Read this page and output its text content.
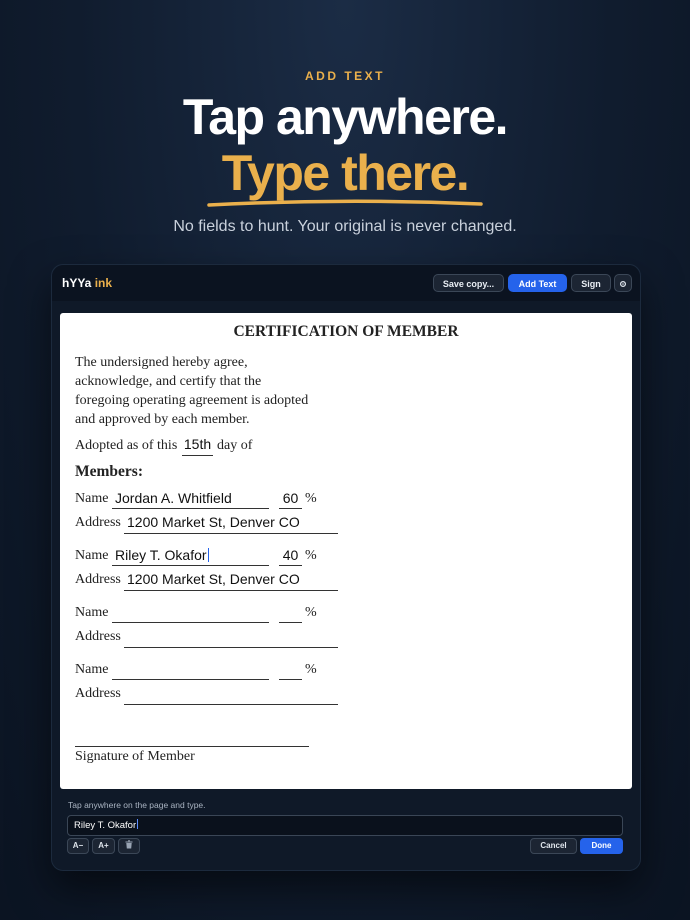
ADD TEXT
Tap anywhere.
Type there.
No fields to hunt. Your original is never changed.
hYYa ink	Save copy...	Add Text	Sign
CERTIFICATION OF MEMBER
The undersigned hereby agree, acknowledge, and certify that the foregoing operating agreement is adopted and approved by each member.
Adopted as of this 15th day of
Members:
Name Jordan A. Whitfield	60 %
Address 1200 Market St, Denver CO
Name Riley T. Okafor	40 %
Address 1200 Market St, Denver CO
Name	%
Address
Name	%
Address
Signature of Member
Tap anywhere on the page and type.
Riley T. Okafor
A−	A+	Cancel	Done
